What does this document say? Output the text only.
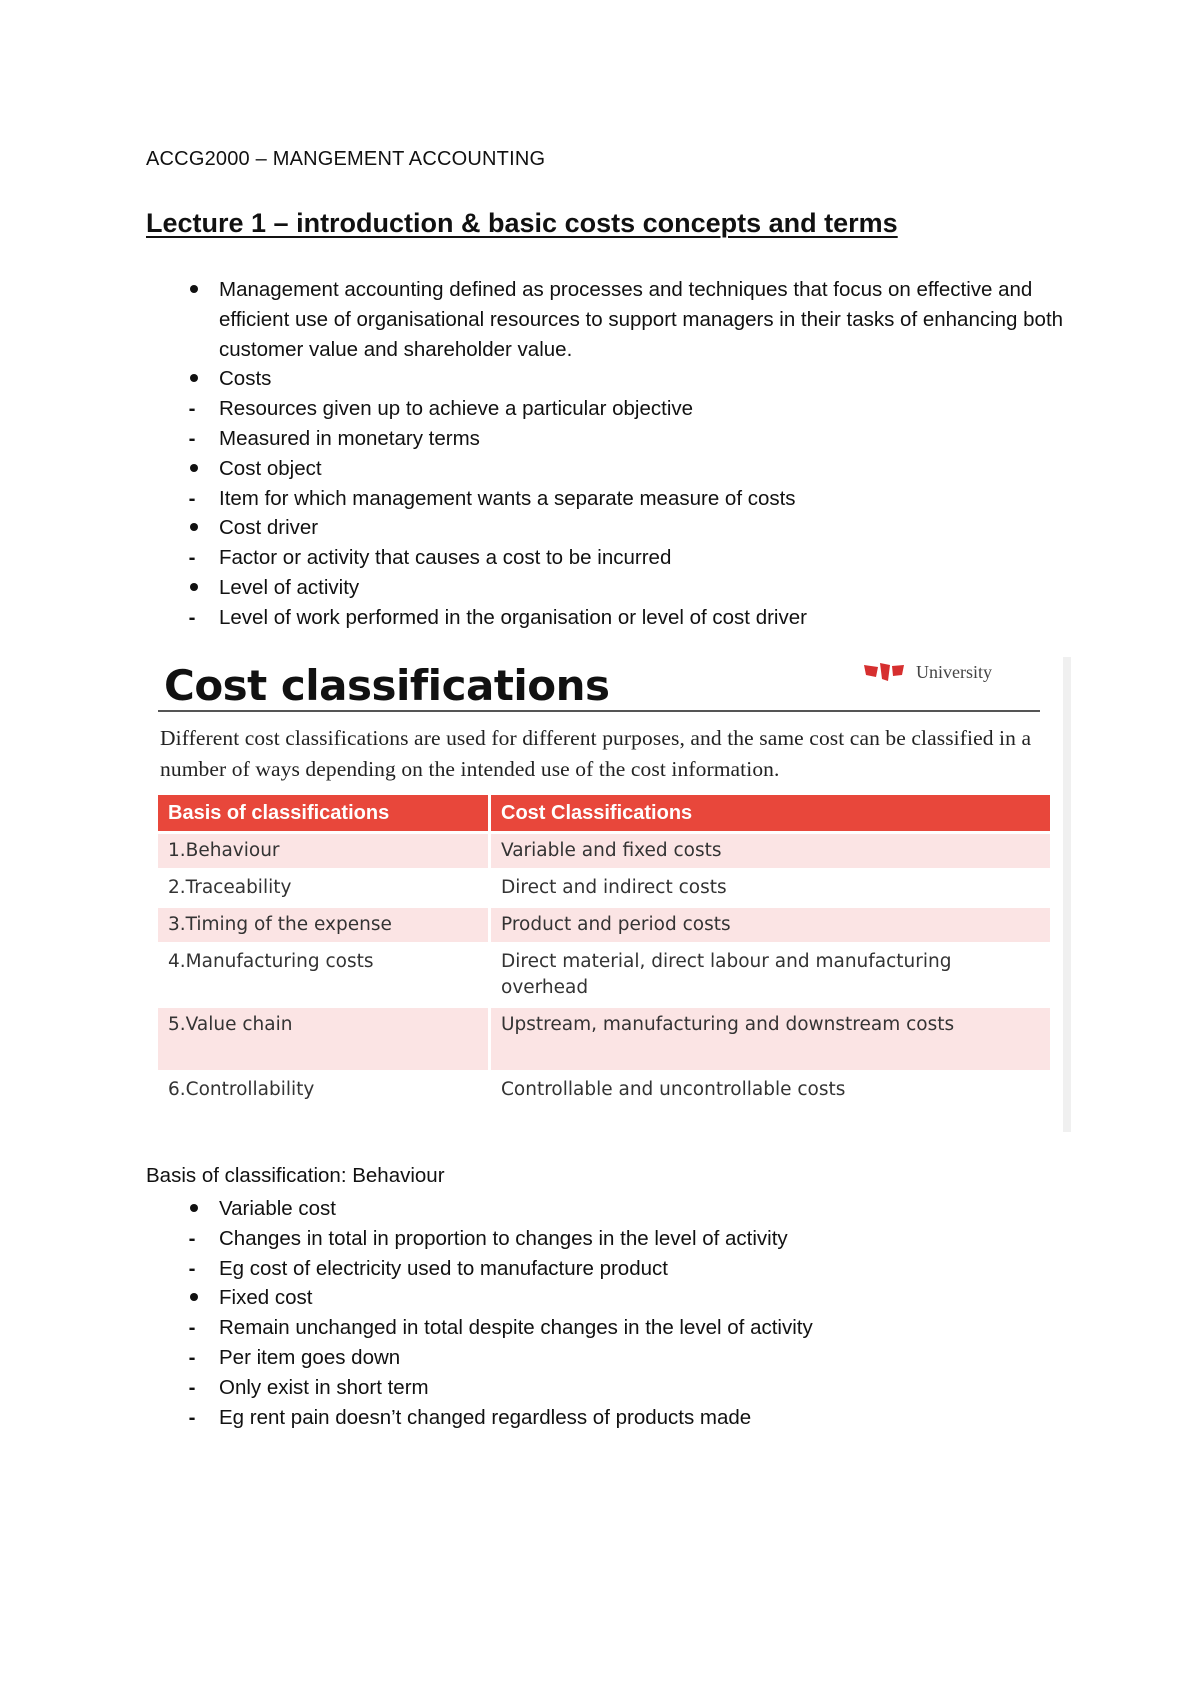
ACCG2000 – MANGEMENT ACCOUNTING
Lecture 1 – introduction & basic costs concepts and terms
Management accounting defined as processes and techniques that focus on effective and efficient use of organisational resources to support managers in their tasks of enhancing both customer value and shareholder value.
Costs
-
Resources given up to achieve a particular objective
-
Measured in monetary terms
Cost object
-
Item for which management wants a separate measure of costs
Cost driver
-
Factor or activity that causes a cost to be incurred
Level of activity
-
Level of work performed in the organisation or level of cost driver
Cost classifications	University
Different cost classifications are used for different purposes, and the same cost can be classified in a number of ways depending on the intended use of the cost information.
Basis of classifications	Cost Classifications
1.Behaviour	Variable and fixed costs
2.Traceability	Direct and indirect costs
3.Timing of the expense	Product and period costs
4.Manufacturing costs	Direct material, direct labour and manufacturing overhead
5.Value chain	Upstream, manufacturing and downstream costs
6.Controllability	Controllable and uncontrollable costs
Basis of classification: Behaviour
Variable cost
-
Changes in total in proportion to changes in the level of activity
-
Eg cost of electricity used to manufacture product
Fixed cost
-
Remain unchanged in total despite changes in the level of activity
-
Per item goes down
-
Only exist in short term
-
Eg rent pain doesn’t changed regardless of products made
